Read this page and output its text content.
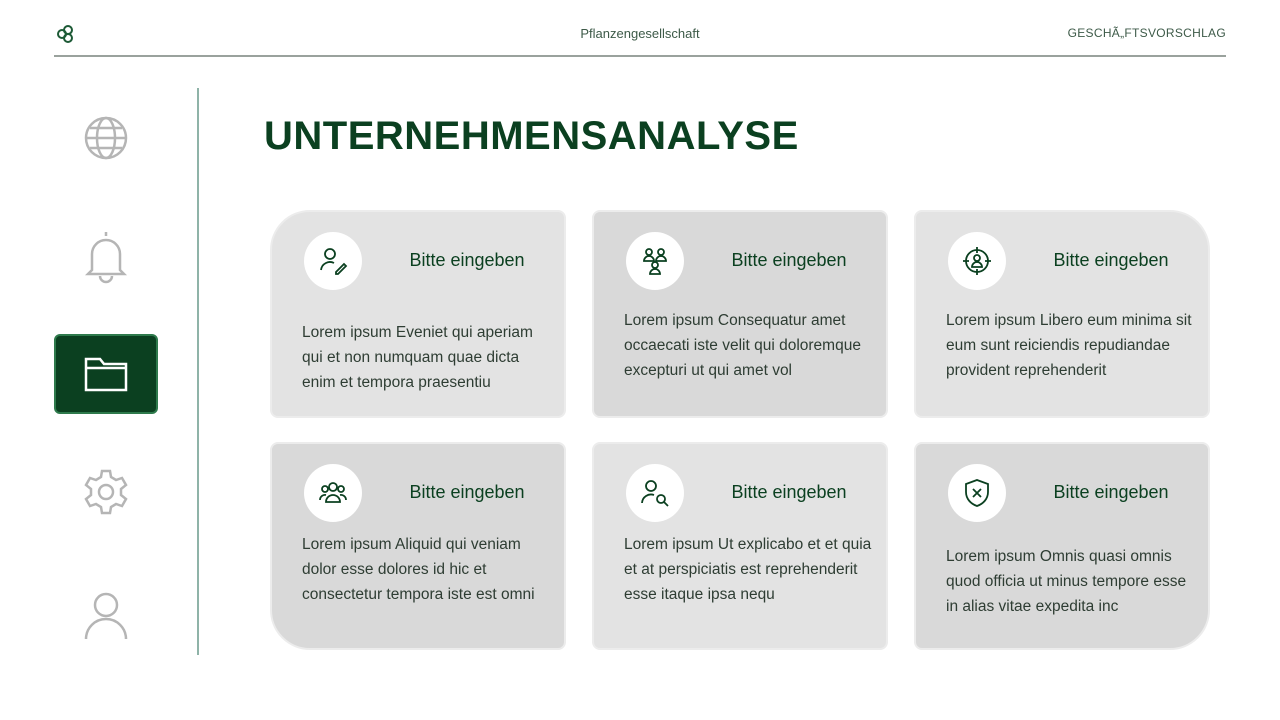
Pflanzengesellschaft	GESCHÃ„FTSVORSCHLAG
UNTERNEHMENSANALYSE
Bitte eingeben
Lorem ipsum Eveniet qui aperiam qui et non numquam quae dicta enim et tempora praesentiu
Bitte eingeben
Lorem ipsum Consequatur amet occaecati iste velit qui doloremque excepturi ut qui amet vol
Bitte eingeben
Lorem ipsum Libero eum minima sit eum sunt reiciendis repudiandae provident reprehenderit
Bitte eingeben
Lorem ipsum Aliquid qui veniam dolor esse dolores id hic et consectetur tempora iste est omni
Bitte eingeben
Lorem ipsum Ut explicabo et et quia et at perspiciatis est reprehenderit esse itaque ipsa nequ
Bitte eingeben
Lorem ipsum Omnis quasi omnis quod officia ut minus tempore esse in alias vitae expedita inc
